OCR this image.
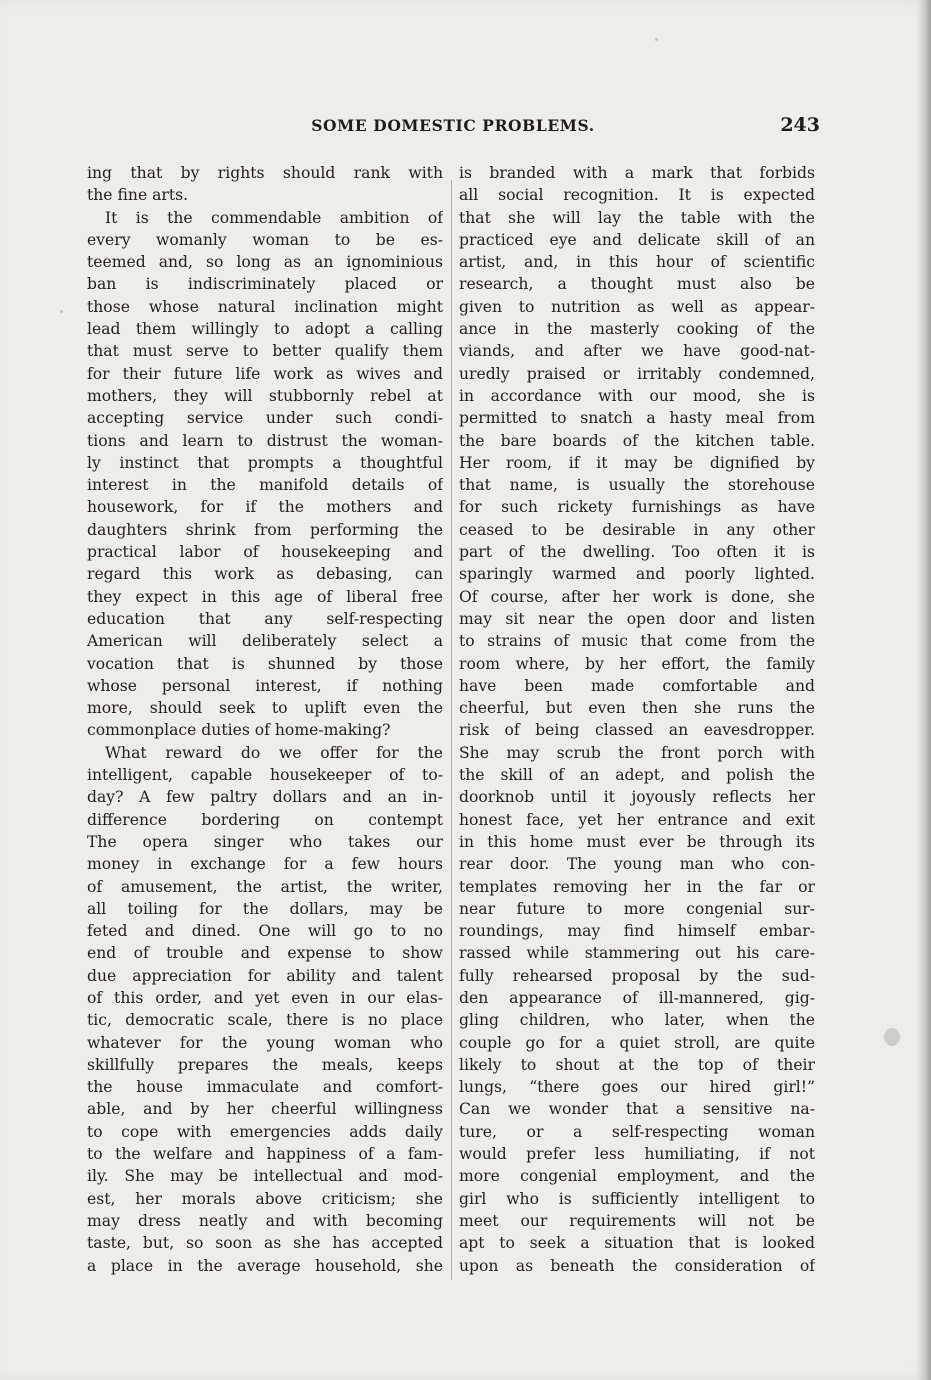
SOME DOMESTIC PROBLEMS.	243
ing that by rights should rank with
the fine arts.
It is the commendable ambition of
every womanly woman to be es-
teemed and, so long as an ignominious
ban is indiscriminately placed or
those whose natural inclination might
lead them willingly to adopt a calling
that must serve to better qualify them
for their future life work as wives and
mothers, they will stubbornly rebel at
accepting service under such condi-
tions and learn to distrust the woman-
ly instinct that prompts a thoughtful
interest in the manifold details of
housework, for if the mothers and
daughters shrink from performing the
practical labor of housekeeping and
regard this work as debasing, can
they expect in this age of liberal free
education that any self-respecting
American will deliberately select a
vocation that is shunned by those
whose personal interest, if nothing
more, should seek to uplift even the
commonplace duties of home-making?
What reward do we offer for the
intelligent, capable housekeeper of to-
day? A few paltry dollars and an in-
difference bordering on contempt
The opera singer who takes our
money in exchange for a few hours
of amusement, the artist, the writer,
all toiling for the dollars, may be
feted and dined. One will go to no
end of trouble and expense to show
due appreciation for ability and talent
of this order, and yet even in our elas-
tic, democratic scale, there is no place
whatever for the young woman who
skillfully prepares the meals, keeps
the house immaculate and comfort-
able, and by her cheerful willingness
to cope with emergencies adds daily
to the welfare and happiness of a fam-
ily. She may be intellectual and mod-
est, her morals above criticism; she
may dress neatly and with becoming
taste, but, so soon as she has accepted
a place in the average household, she
is branded with a mark that forbids
all social recognition. It is expected
that she will lay the table with the
practiced eye and delicate skill of an
artist, and, in this hour of scientific
research, a thought must also be
given to nutrition as well as appear-
ance in the masterly cooking of the
viands, and after we have good-nat-
uredly praised or irritably condemned,
in accordance with our mood, she is
permitted to snatch a hasty meal from
the bare boards of the kitchen table.
Her room, if it may be dignified by
that name, is usually the storehouse
for such rickety furnishings as have
ceased to be desirable in any other
part of the dwelling. Too often it is
sparingly warmed and poorly lighted.
Of course, after her work is done, she
may sit near the open door and listen
to strains of music that come from the
room where, by her effort, the family
have been made comfortable and
cheerful, but even then she runs the
risk of being classed an eavesdropper.
She may scrub the front porch with
the skill of an adept, and polish the
doorknob until it joyously reflects her
honest face, yet her entrance and exit
in this home must ever be through its
rear door. The young man who con-
templates removing her in the far or
near future to more congenial sur-
roundings, may find himself embar-
rassed while stammering out his care-
fully rehearsed proposal by the sud-
den appearance of ill-mannered, gig-
gling children, who later, when the
couple go for a quiet stroll, are quite
likely to shout at the top of their
lungs, “there goes our hired girl!”
Can we wonder that a sensitive na-
ture, or a self-respecting woman
would prefer less humiliating, if not
more congenial employment, and the
girl who is sufficiently intelligent to
meet our requirements will not be
apt to seek a situation that is looked
upon as beneath the consideration of
